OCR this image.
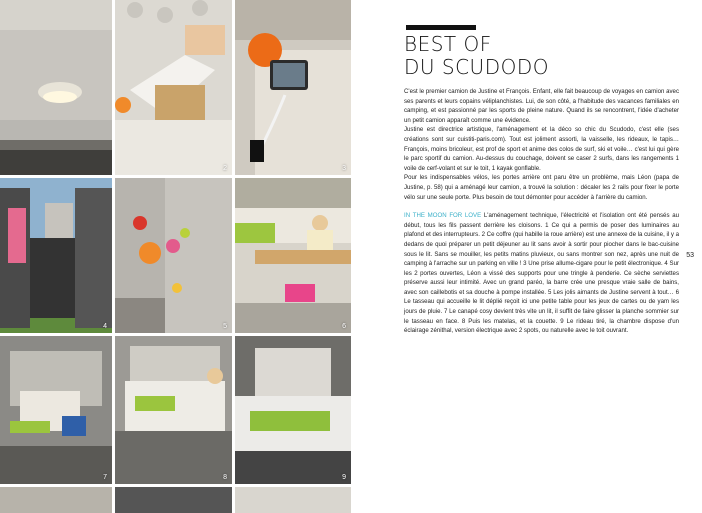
2	3
4	5	6
7	8	9
BEST OF
DU SCUDODO

C'est le premier camion de Justine et François. Enfant, elle fait beaucoup de voyages en camion avec ses parents et leurs copains véliplanchistes. Lui, de son côté, a l'habitude des vacances familiales en camping, et est passionné par les sports de pleine nature. Quand ils se rencontrent, l'idée d'acheter un petit camion apparaît comme une évidence.

Justine est directrice artistique, l'aménagement et la déco so chic du Scudodo, c'est elle (ses créations sont sur cuistiti-paris.com). Tout est joliment assorti, la vaisselle, les rideaux, le tapis… François, moins bricoleur, est prof de sport et anime des colos de surf, ski et voile… c'est lui qui gère le parc sportif du camion. Au-dessus du couchage, doivent se caser 2 surfs, dans les rangements 1 voile de cerf-volant et sur le toit, 1 kayak gonflable.

Pour les indispensables vélos, les portes arrière ont paru être un problème, mais Léon (papa de Justine, p. 58) qui a aménagé leur camion, a trouvé la solution : décaler les 2 rails pour fixer le porte vélo sur une seule porte. Plus besoin de tout démonter pour accéder à l'arrière du camion.

IN THE MOON FOR LOVE L'aménagement technique, l'électricité et l'isolation ont été pensés au début, tous les fils passent derrière les cloisons. 1 Ce qui a permis de poser des luminaires au plafond et des interrupteurs. 2 Ce coffre (qui habille la roue arrière) est une annexe de la cuisine, il y a dedans de quoi préparer un petit déjeuner au lit sans avoir à sortir pour piocher dans le bac-cuisine sous le lit. Sans se mouiller, les petits matins pluvieux, ou sans montrer son nez, après une nuit de camping à l'arrache sur un parking en ville ! 3 Une prise allume-cigare pour le petit électronique. 4 Sur les 2 portes ouvertes, Léon a vissé des supports pour une tringle à penderie. Ce sèche serviettes préserve aussi leur intimité. Avec un grand paréo, la barre crée une presque vraie salle de bains, avec son caillebotis et sa douche à pompe installée. 5 Les jolis aimants de Justine servent à tout… 6 Le tasseau qui accueille le lit déplié reçoit ici une petite table pour les jeux de cartes ou de yam les jours de pluie. 7 Le canapé cosy devient très vite un lit, il suffit de faire glisser la planche sommier sur le tasseau en face. 8 Puis les matelas, et la couette. 9 Le rideau tiré, la chambre dispose d'un éclairage zénithal, version électrique avec 2 spots, ou naturelle avec le toit ouvrant.

53
